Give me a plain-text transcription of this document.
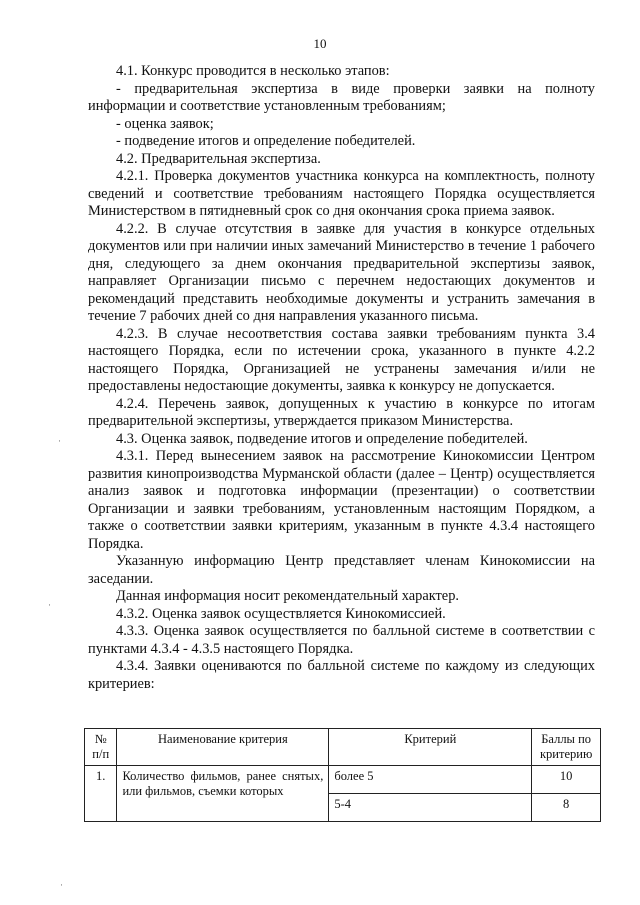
10

4.1. Конкурс проводится в несколько этапов:

- предварительная экспертиза в виде проверки заявки на полноту информации и соответствие установленным требованиям;

- оценка заявок;

- подведение итогов и определение победителей.

4.2. Предварительная экспертиза.

4.2.1. Проверка документов участника конкурса на комплектность, полноту сведений и соответствие требованиям настоящего Порядка осуществляется Министерством в пятидневный срок со дня окончания срока приема заявок.

4.2.2. В случае отсутствия в заявке для участия в конкурсе отдельных документов или при наличии иных замечаний Министерство в течение 1 рабочего дня, следующего за днем окончания предварительной экспертизы заявок, направляет Организации письмо с перечнем недостающих документов и рекомендаций представить необходимые документы и устранить замечания в течение 7 рабочих дней со дня направления указанного письма.

4.2.3. В случае несоответствия состава заявки требованиям пункта 3.4 настоящего Порядка, если по истечении срока, указанного в пункте 4.2.2 настоящего Порядка, Организацией не устранены замечания и/или не предоставлены недостающие документы, заявка к конкурсу не допускается.

4.2.4. Перечень заявок, допущенных к участию в конкурсе по итогам предварительной экспертизы, утверждается приказом Министерства.

4.3. Оценка заявок, подведение итогов и определение победителей.

4.3.1. Перед вынесением заявок на рассмотрение Кинокомиссии Центром развития кинопроизводства Мурманской области (далее – Центр) осуществляется анализ заявок и подготовка информации (презентации) о соответствии Организации и заявки требованиям, установленным настоящим Порядком, а также о соответствии заявки критериям, указанным в пункте 4.3.4 настоящего Порядка.

Указанную информацию Центр представляет членам Кинокомиссии на заседании.

Данная информация носит рекомендательный характер.

4.3.2. Оценка заявок осуществляется Кинокомиссией.

4.3.3. Оценка заявок осуществляется по балльной системе в соответствии с пунктами 4.3.4 - 4.3.5 настоящего Порядка.

4.3.4. Заявки оцениваются по балльной системе по каждому из следующих критериев:

№ п/п	Наименование критерия	Критерий	Баллы по критерию
1.	Количество фильмов, ранее снятых, или фильмов, съемки которых	более 5	10
		5-4	8
·
·
·
